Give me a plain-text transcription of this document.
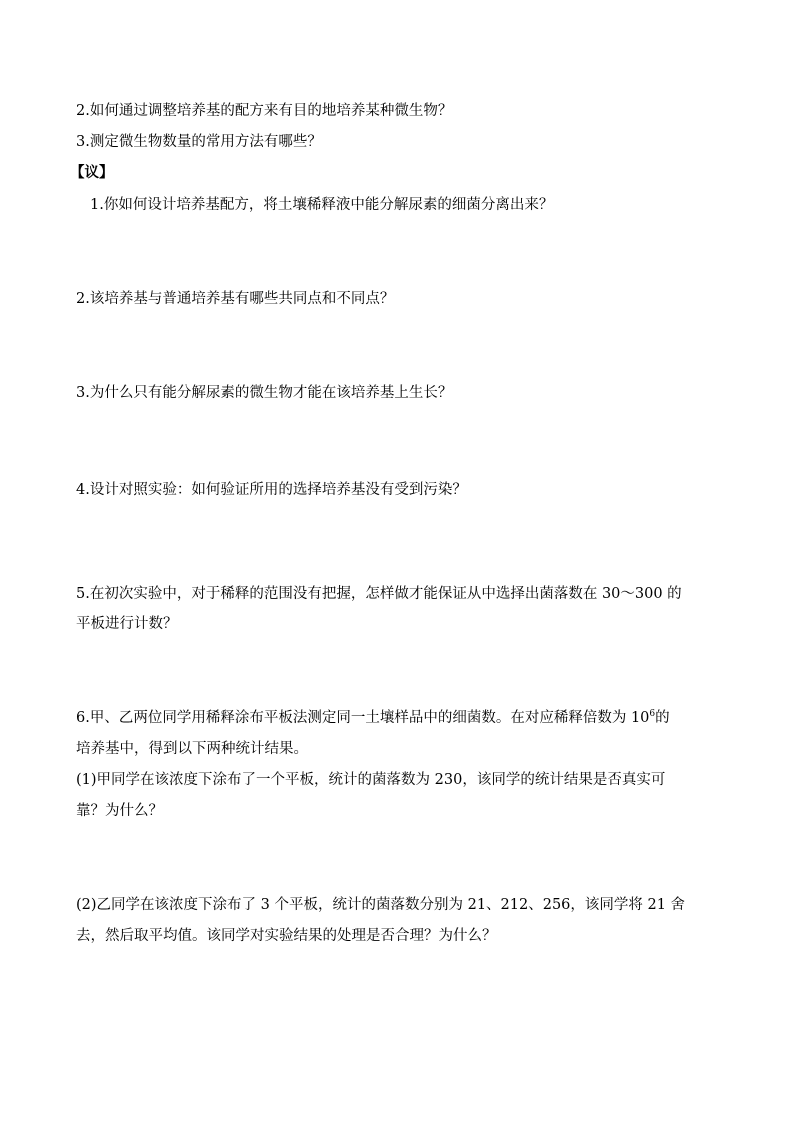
2.如何通过调整培养基的配方来有目的地培养某种微生物？
3.测定微生物数量的常用方法有哪些？
【议】
1.你如何设计培养基配方，将土壤稀释液中能分解尿素的细菌分离出来？
2.该培养基与普通培养基有哪些共同点和不同点？
3.为什么只有能分解尿素的微生物才能在该培养基上生长？
4.设计对照实验：如何验证所用的选择培养基没有受到污染？
5.在初次实验中，对于稀释的范围没有把握，怎样做才能保证从中选择出菌落数在 30～300 的
平板进行计数？
6.甲、乙两位同学用稀释涂布平板法测定同一土壤样品中的细菌数。在对应稀释倍数为 $10^6$的
培养基中，得到以下两种统计结果。
(1)甲同学在该浓度下涂布了一个平板，统计的菌落数为 230，该同学的统计结果是否真实可
靠？为什么？
(2)乙同学在该浓度下涂布了 3 个平板，统计的菌落数分别为 21、212、256，该同学将 21 舍
去，然后取平均值。该同学对实验结果的处理是否合理？为什么？
